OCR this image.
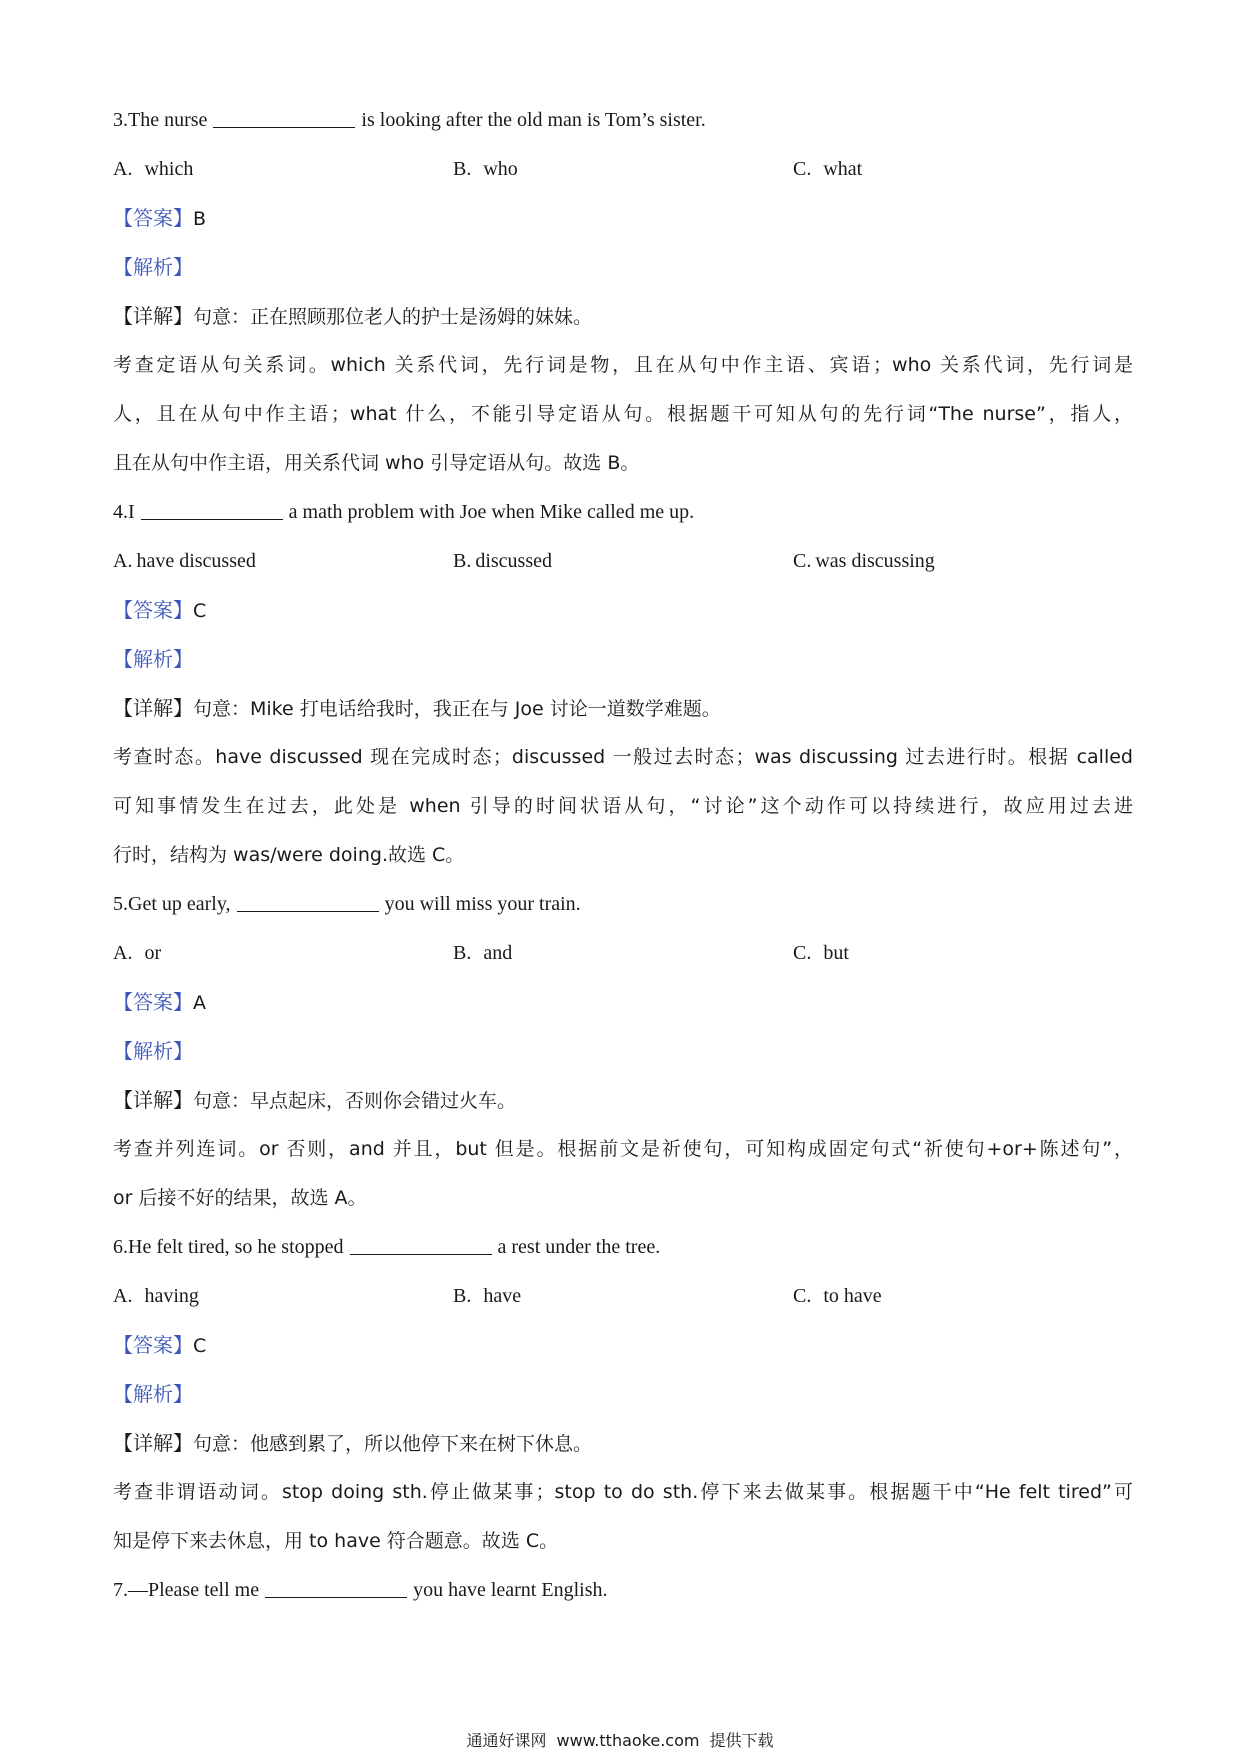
3.The nurse	is looking after the old man is Tom’s sister.
A. which	B. who	C. what
【答案】B
【解析】
【详解】句意：正在照顾那位老人的护士是汤姆的妹妹。
考查定语从句关系词。which 关系代词，先行词是物，且在从句中作主语、宾语；who 关系代词，先行词是
人，且在从句中作主语；what 什么，不能引导定语从句。根据题干可知从句的先行词“The nurse”，指人，
且在从句中作主语，用关系代词 who 引导定语从句。故选 B。
4.I	a math problem with Joe when Mike called me up.
A. have discussed	B. discussed	C. was discussing
【答案】C
【解析】
【详解】句意：Mike 打电话给我时，我正在与 Joe 讨论一道数学难题。
考查时态。have discussed 现在完成时态；discussed 一般过去时态；was discussing 过去进行时。根据 called
可知事情发生在过去，此处是 when 引导的时间状语从句，“讨论”这个动作可以持续进行，故应用过去进
行时，结构为 was/were doing.故选 C。
5.Get up early,	you will miss your train.
A. or	B. and	C. but
【答案】A
【解析】
【详解】句意：早点起床，否则你会错过火车。
考查并列连词。or 否则，and 并且，but 但是。根据前文是祈使句，可知构成固定句式“祈使句+or+陈述句”，
or 后接不好的结果，故选 A。
6.He felt tired, so he stopped	a rest under the tree.
A. having	B. have	C. to have
【答案】C
【解析】
【详解】句意：他感到累了，所以他停下来在树下休息。
考查非谓语动词。stop doing sth.停止做某事；stop to do sth.停下来去做某事。根据题干中“He felt tired”可
知是停下来去休息，用 to have 符合题意。故选 C。
7.—Please tell me	you have learnt English.
通通好课网 www.tthaoke.com 提供下载
